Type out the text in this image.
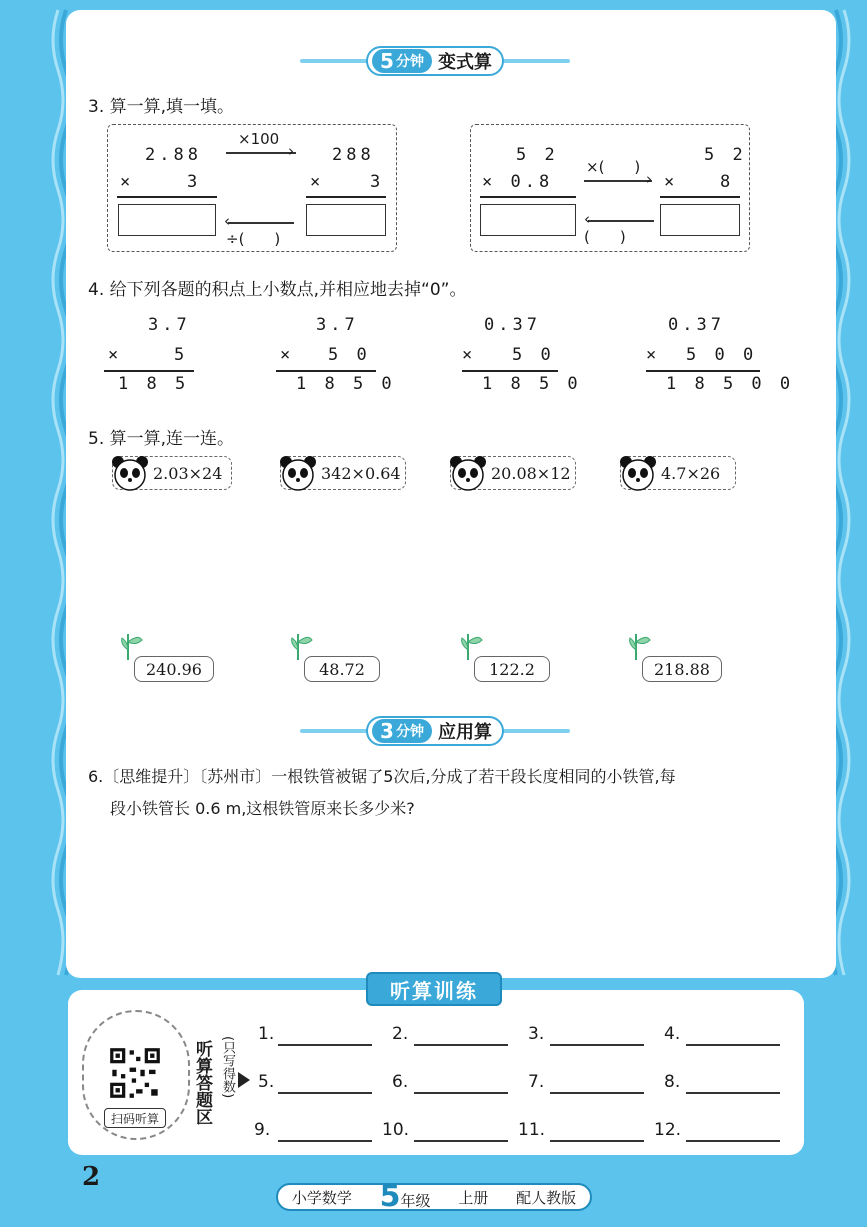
5 分钟 变式算
3. 算一算,填一填。
2.88
×	3
×100
›
‹
÷(　　)
288
×	3
5 2
× 0.8
×(　　)
›
‹
(　　)
5 2
× 8
4. 给下列各题的积点上小数点,并相应地去掉“0”。
3.7
×	5
1 8 5
3.7
× 5 0
1 8 5 0
0.37
× 5 0
1 8 5 0
0.37
× 5 0 0
1 8 5 0 0
5. 算一算,连一连。
2.03×24	342×0.64	20.08×12	4.7×26
240.96	48.72	122.2	218.88
3 分钟 应用算
6.〔思维提升〕〔苏州市〕一根铁管被锯了5次后,分成了若干段长度相同的小铁管,每
段小铁管长 0.6 m,这根铁管原来长多少米?
听算训练
扫码听算	听算答题区 (只写得数)
1.	2.	3.	4.
5.	6.	7.	8.
9.	10.	11.	12.
2
小学数学 5年级 上册 配人教版
